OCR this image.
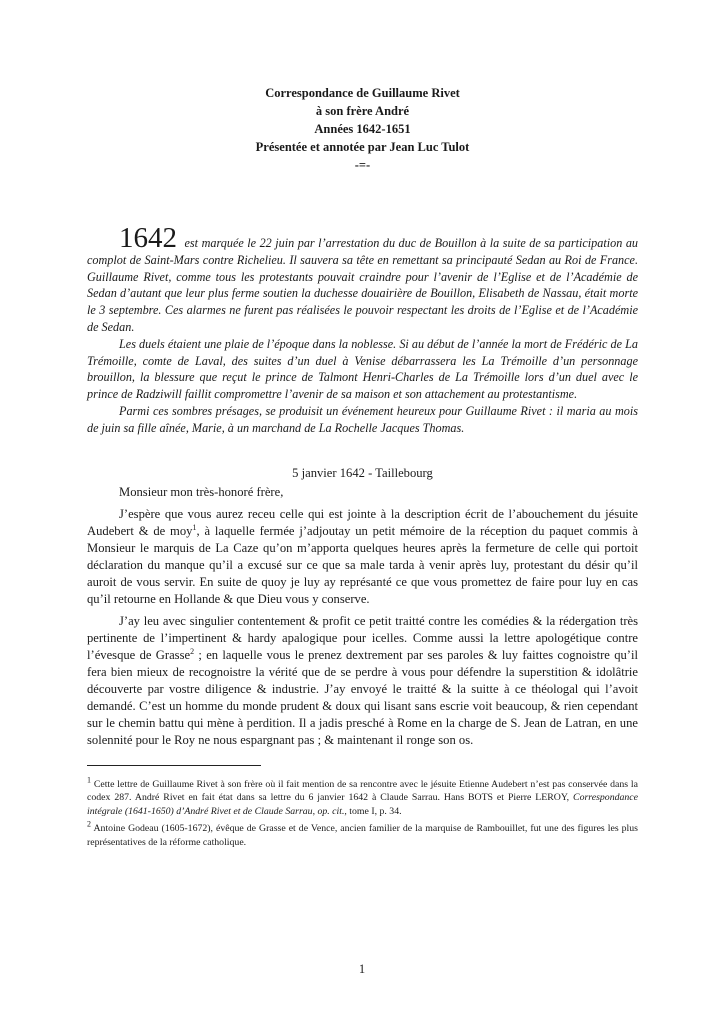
Correspondance de Guillaume Rivet
à son frère André
Années 1642-1651
Présentée et annotée par Jean Luc Tulot
-=-

1642 est marquée le 22 juin par l’arrestation du duc de Bouillon à la suite de sa participation au complot de Saint-Mars contre Richelieu. Il sauvera sa tête en remettant sa principauté Sedan au Roi de France. Guillaume Rivet, comme tous les protestants pouvait craindre pour l’avenir de l’Eglise et de l’Académie de Sedan d’autant que leur plus ferme soutien la duchesse douairière de Bouillon, Elisabeth de Nassau, était morte le 3 septembre. Ces alarmes ne furent pas réalisées le pouvoir respectant les droits de l’Eglise et de l’Académie de Sedan.

Les duels étaient une plaie de l’époque dans la noblesse. Si au début de l’année la mort de Frédéric de La Trémoille, comte de Laval, des suites d’un duel à Venise débarrassera les La Trémoille d’un personnage brouillon, la blessure que reçut le prince de Talmont Henri-Charles de La Trémoille lors d’un duel avec le prince de Radziwill faillit compromettre l’avenir de sa maison et son attachement au protestantisme.

Parmi ces sombres présages, se produisit un événement heureux pour Guillaume Rivet : il maria au mois de juin sa fille aînée, Marie, à un marchand de La Rochelle Jacques Thomas.

5 janvier 1642 - Taillebourg

Monsieur mon très-honoré frère,

J’espère que vous aurez receu celle qui est jointe à la description écrit de l’abouchement du jésuite Audebert & de moy$^1$, à laquelle fermée j’adjoutay un petit mémoire de la réception du paquet commis à Monsieur le marquis de La Caze qu’on m’apporta quelques heures après la fermeture de celle qui portoit déclaration du manque qu’il a excusé sur ce que sa male tarda à venir après luy, protestant du désir qu’il auroit de vous servir. En suite de quoy je luy ay représanté ce que vous promettez de faire pour luy en cas qu’il retourne en Hollande & que Dieu vous y conserve.

J’ay leu avec singulier contentement & profit ce petit traitté contre les comédies & la rédergation très pertinente de l’impertinent & hardy apalogique pour icelles. Comme aussi la lettre apologétique contre l’évesque de Grasse$^2$ ; en laquelle vous le prenez dextrement par ses paroles & luy faittes cognoistre qu’il fera bien mieux de recognoistre la vérité que de se perdre à vous pour défendre la superstition & idolâtrie découverte par vostre diligence & industrie. J’ay envoyé le traitté & la suitte à ce théologal qui l’avoit demandé. C’est un homme du monde prudent & doux qui lisant sans escrie voit beaucoup, & rien cependant sur le chemin battu qui mène à perdition. Il a jadis presché à Rome en la charge de S. Jean de Latran, en une solennité pour le Roy ne nous espargnant pas ; & maintenant il ronge son os.

$^1$ Cette lettre de Guillaume Rivet à son frère où il fait mention de sa rencontre avec le jésuite Etienne Audebert n’est pas conservée dans la codex 287. André Rivet en fait état dans sa lettre du 6 janvier 1642 à Claude Sarrau. Hans BOTS et Pierre LEROY, Correspondance intégrale (1641-1650) d’André Rivet et de Claude Sarrau, op. cit., tome I, p. 34.

$^2$ Antoine Godeau (1605-1672), évêque de Grasse et de Vence, ancien familier de la marquise de Rambouillet, fut une des figures les plus représentatives de la réforme catholique.

1
